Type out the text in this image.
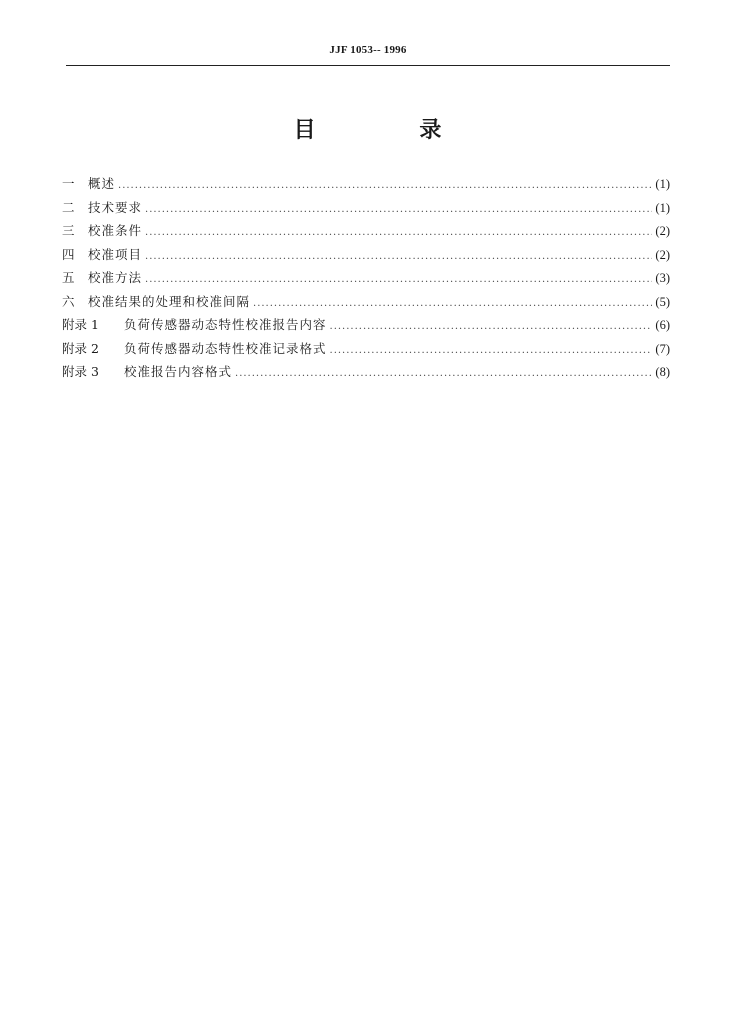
JJF 1053-- 1996
目 录
一	概述 .....	(1)
二	技术要求 .....	(1)
三	校准条件 .....	(2)
四	校准项目 .....	(2)
五	校准方法 .....	(3)
六	校准结果的处理和校准间隔 .....	(5)
附录 1	负荷传感器动态特性校准报告内容 .....	(6)
附录 2	负荷传感器动态特性校准记录格式 .....	(7)
附录 3	校准报告内容格式 .....	(8)
